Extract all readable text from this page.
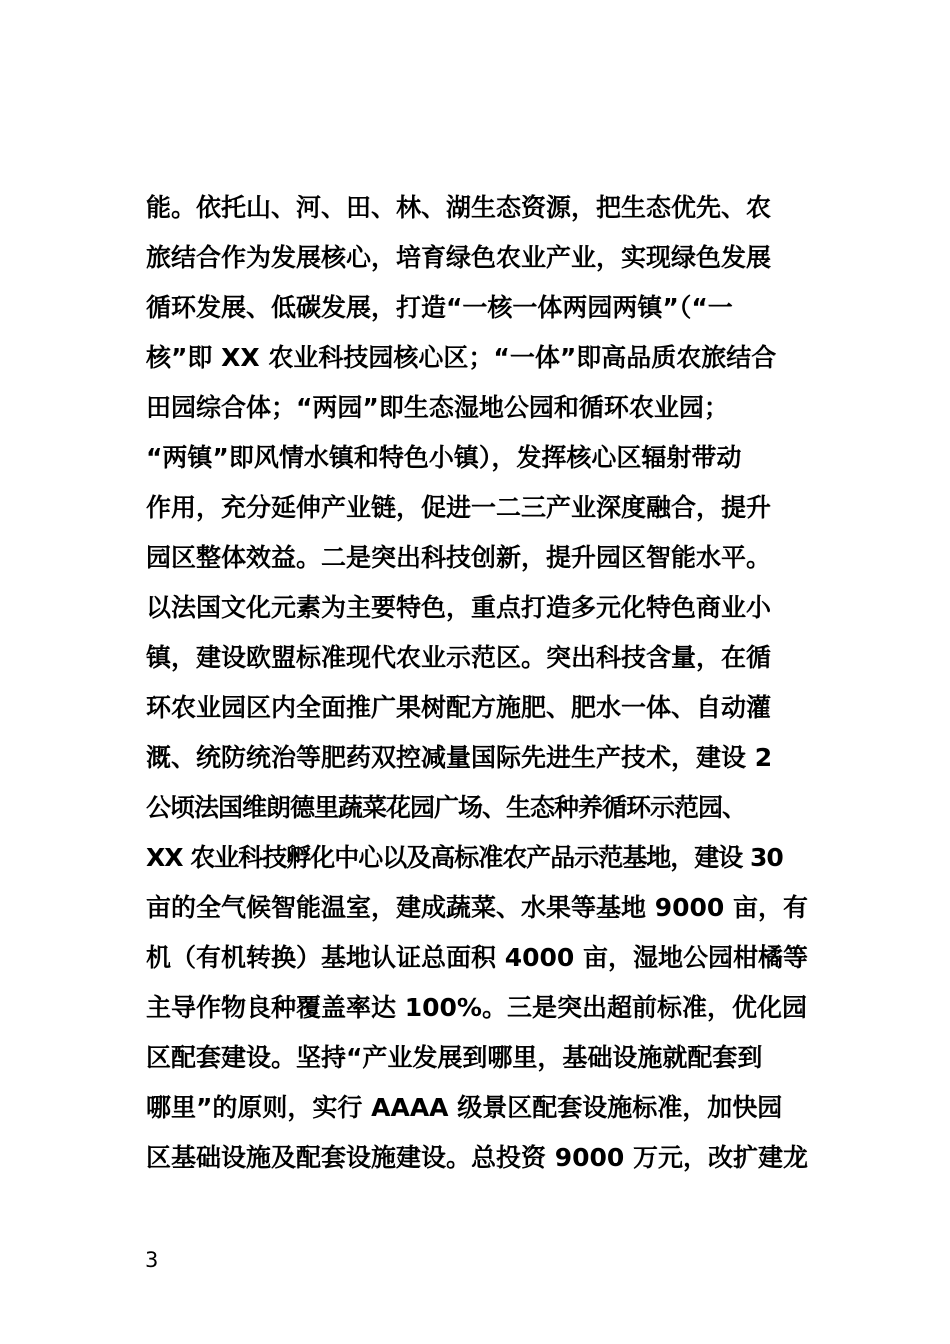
能。依托山、河、田、林、湖生态资源，把生态优先、农
旅结合作为发展核心，培育绿色农业产业，实现绿色发展
循环发展、低碳发展，打造“一核一体两园两镇”（“一
核”即 XX 农业科技园核心区；“一体”即高品质农旅结合
田园综合体；“两园”即生态湿地公园和循环农业园；
“两镇”即风情水镇和特色小镇），发挥核心区辐射带动
作用，充分延伸产业链，促进一二三产业深度融合，提升
园区整体效益。二是突出科技创新，提升园区智能水平。
以法国文化元素为主要特色，重点打造多元化特色商业小
镇，建设欧盟标准现代农业示范区。突出科技含量，在循
环农业园区内全面推广果树配方施肥、肥水一体、自动灌
溉、统防统治等肥药双控减量国际先进生产技术，建设 2
公顷法国维朗德里蔬菜花园广场、生态种养循环示范园、
XX 农业科技孵化中心以及高标准农产品示范基地，建设 30
亩的全气候智能温室，建成蔬菜、水果等基地 9000 亩，有
机（有机转换）基地认证总面积 4000 亩，湿地公园柑橘等
主导作物良种覆盖率达 100%。三是突出超前标准，优化园
区配套建设。坚持“产业发展到哪里，基础设施就配套到
哪里”的原则，实行 AAAA 级景区配套设施标准，加快园
区基础设施及配套设施建设。总投资 9000 万元，改扩建龙
3
